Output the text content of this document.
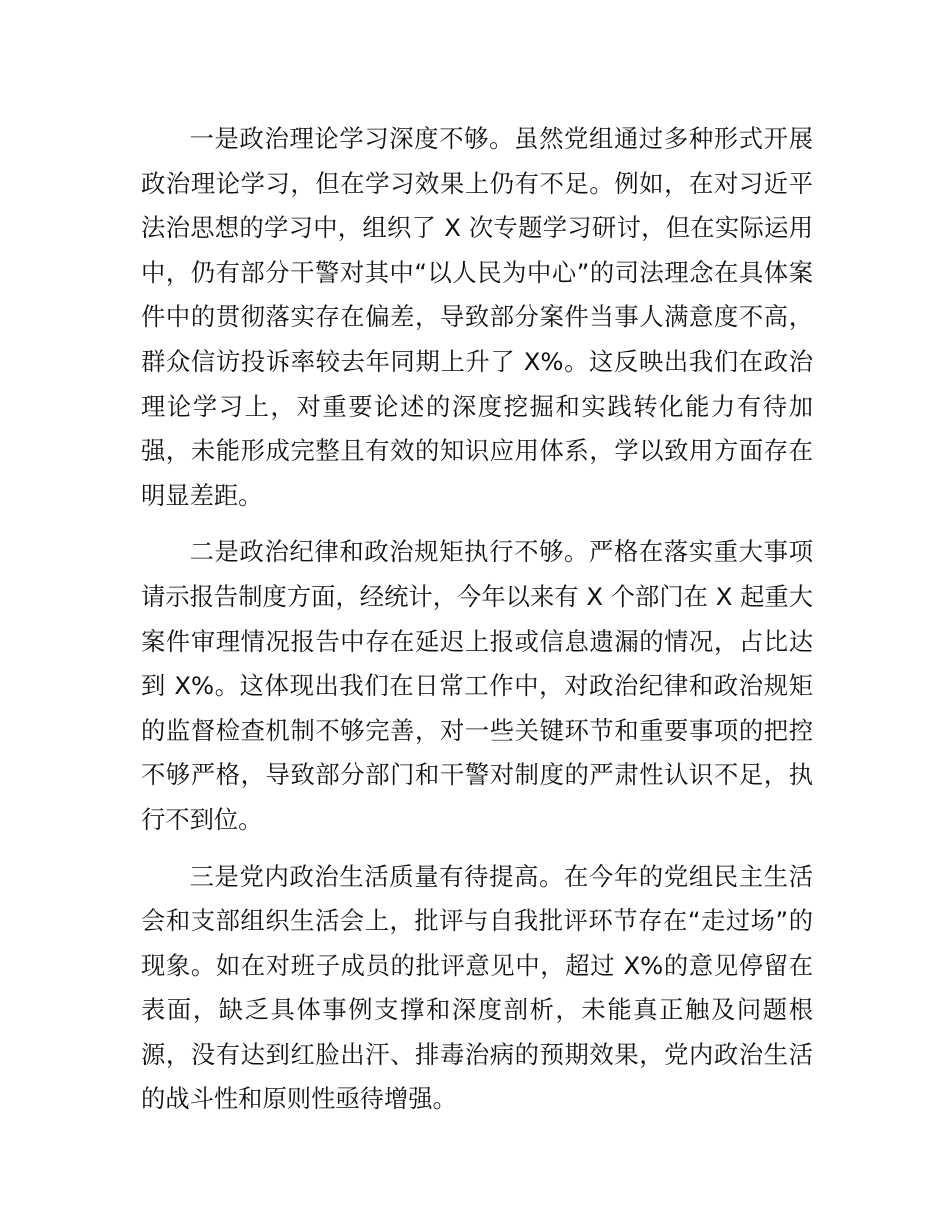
一是政治理论学习深度不够。虽然党组通过多种形式开展政治理论学习，但在学习效果上仍有不足。例如，在对习近平法治思想的学习中，组织了 X 次专题学习研讨，但在实际运用中，仍有部分干警对其中“以人民为中心”的司法理念在具体案件中的贯彻落实存在偏差，导致部分案件当事人满意度不高，群众信访投诉率较去年同期上升了 X%。这反映出我们在政治理论学习上，对重要论述的深度挖掘和实践转化能力有待加强，未能形成完整且有效的知识应用体系，学以致用方面存在明显差距。

二是政治纪律和政治规矩执行不够。严格在落实重大事项请示报告制度方面，经统计，今年以来有 X 个部门在 X 起重大案件审理情况报告中存在延迟上报或信息遗漏的情况，占比达到 X%。这体现出我们在日常工作中，对政治纪律和政治规矩的监督检查机制不够完善，对一些关键环节和重要事项的把控不够严格，导致部分部门和干警对制度的严肃性认识不足，执行不到位。

三是党内政治生活质量有待提高。在今年的党组民主生活会和支部组织生活会上，批评与自我批评环节存在“走过场”的现象。如在对班子成员的批评意见中，超过 X%的意见停留在表面，缺乏具体事例支撑和深度剖析，未能真正触及问题根源，没有达到红脸出汗、排毒治病的预期效果，党内政治生活的战斗性和原则性亟待增强。
